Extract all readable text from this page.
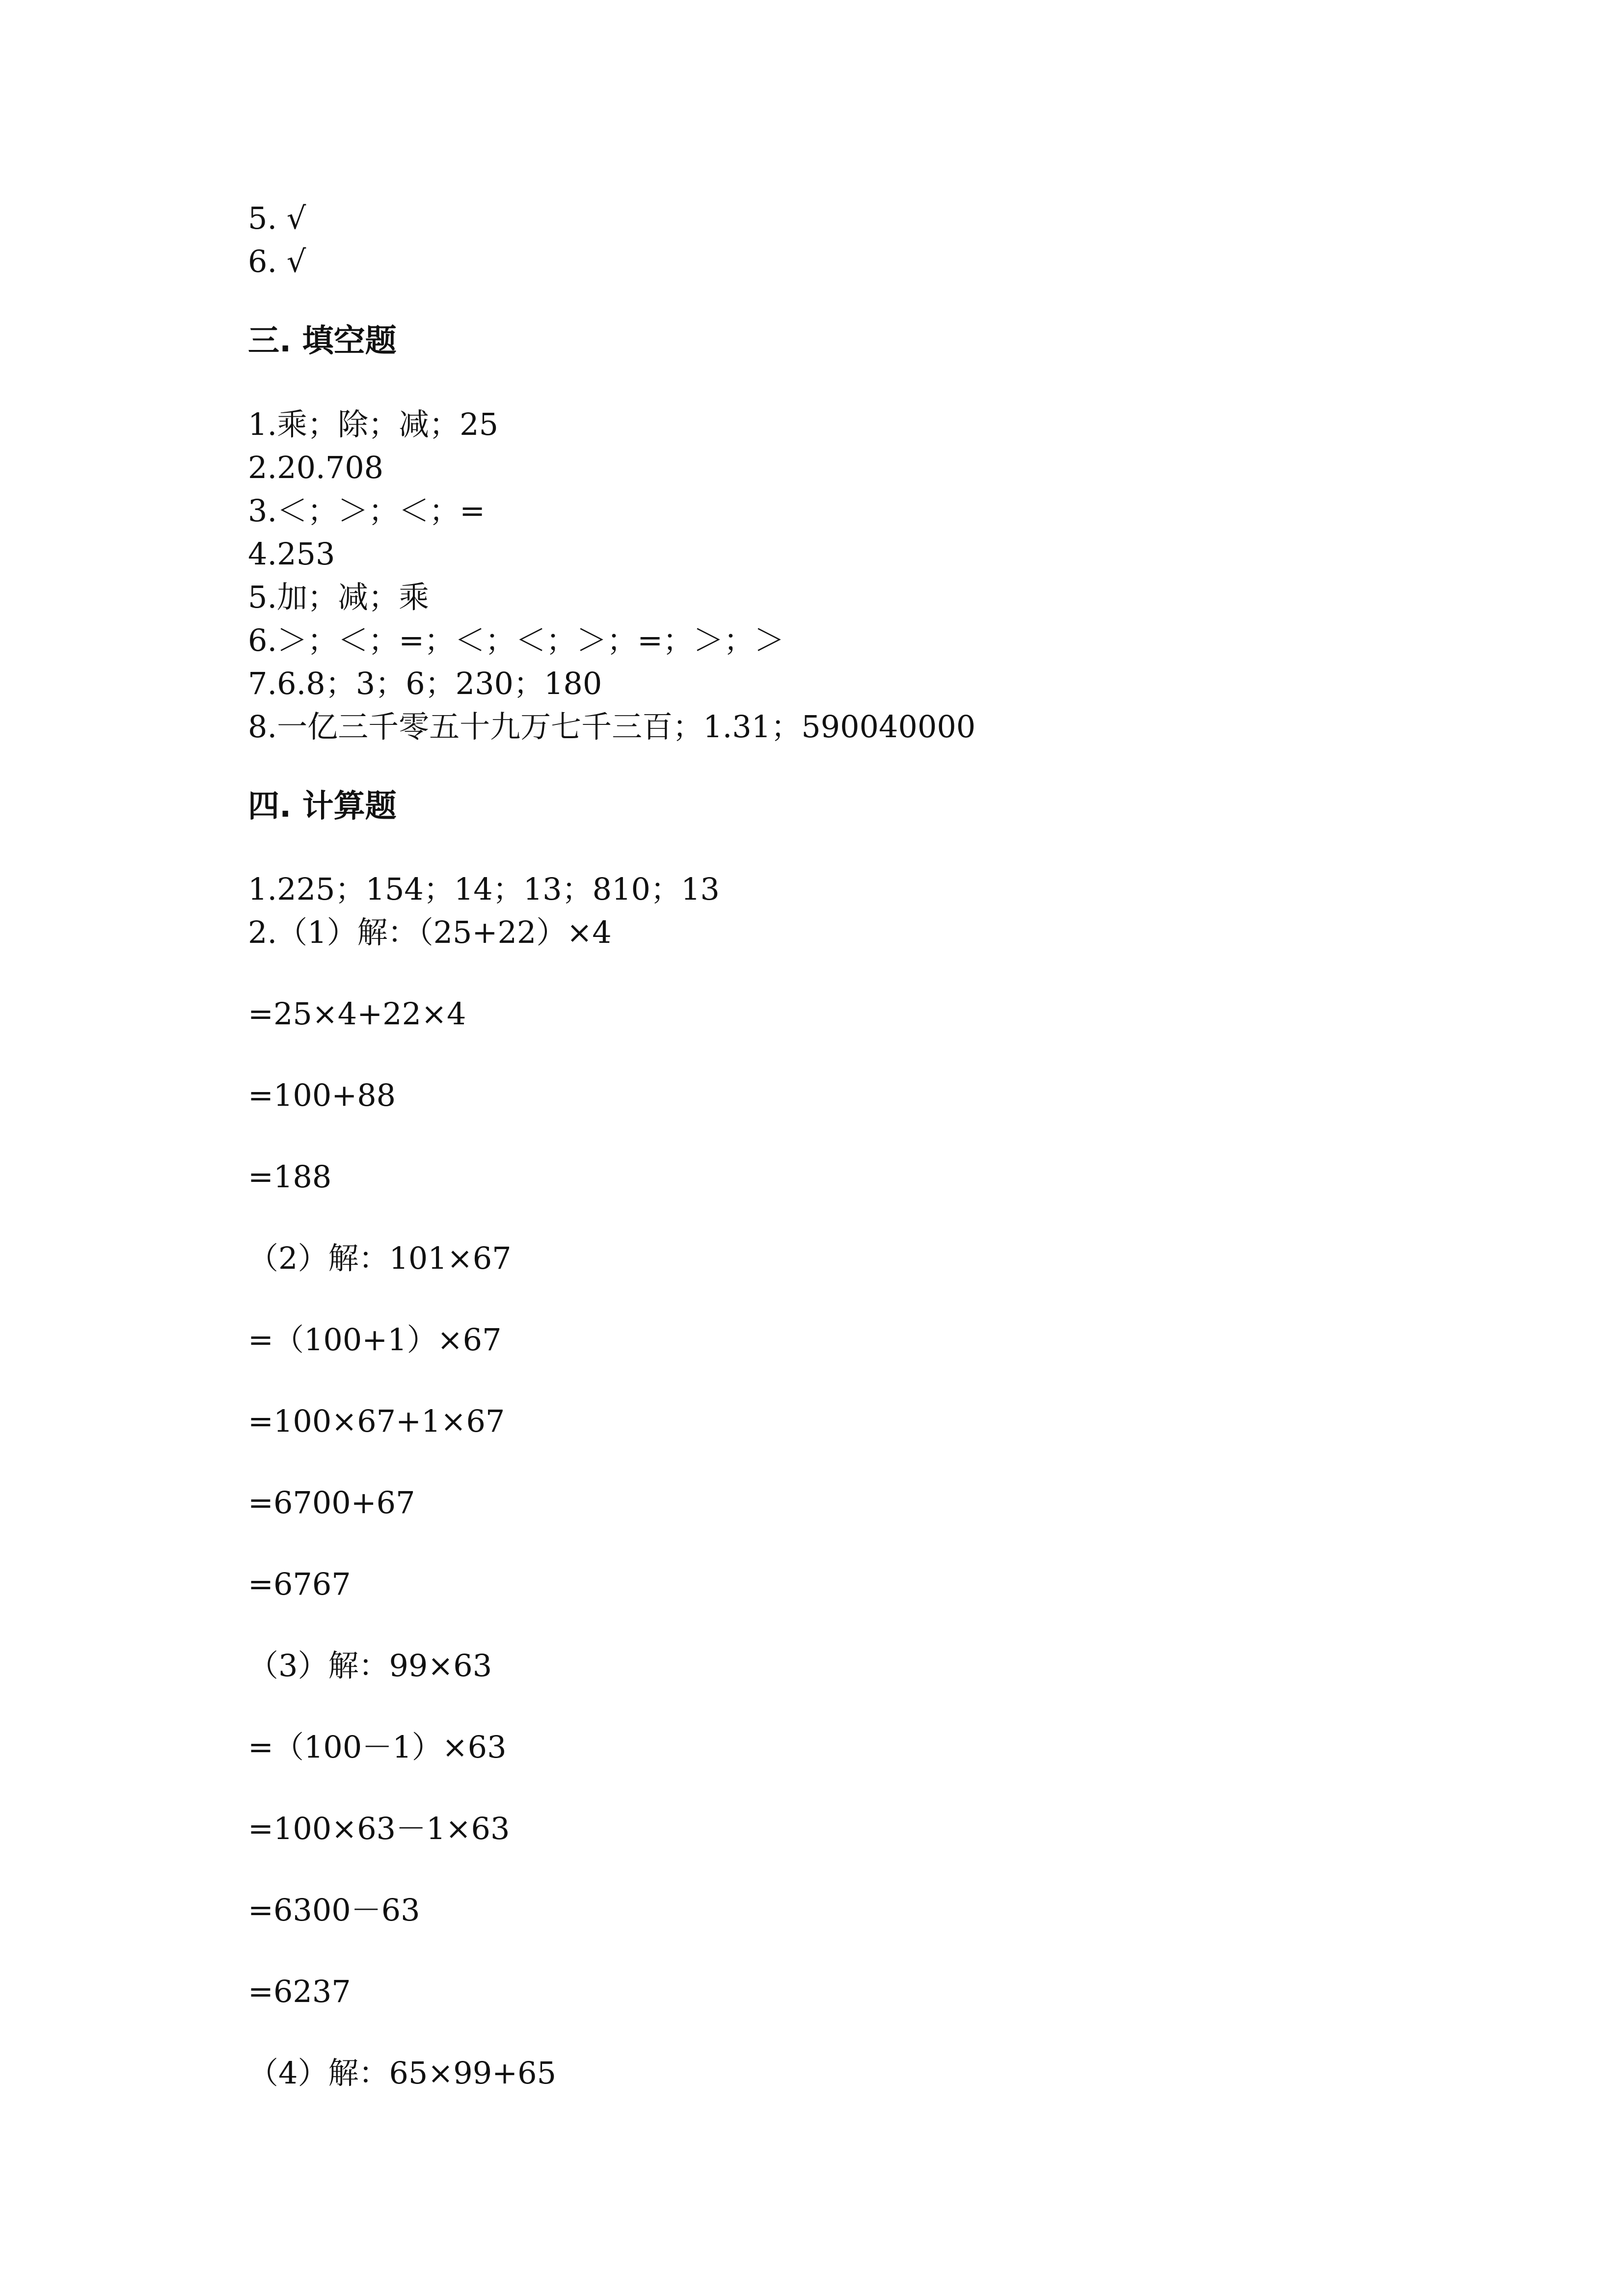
5. √
6. √
三. 填空题
1.乘；除；减；25
2.20.708
3.＜；＞；＜；=
4.253
5.加；减；乘
6.＞；＜；=；＜；＜；＞；=；＞；＞
7.6.8；3；6；230；180
8.一亿三千零五十九万七千三百；1.31；590040000
四. 计算题
1.225；154；14；13；810；13
2.（1）解：（25+22）×4
=25×4+22×4
=100+88
=188
（2）解：101×67
=（100+1）×67
=100×67+1×67
=6700+67
=6767
（3）解：99×63
=（100－1）×63
=100×63－1×63
=6300－63
=6237
（4）解：65×99+65
